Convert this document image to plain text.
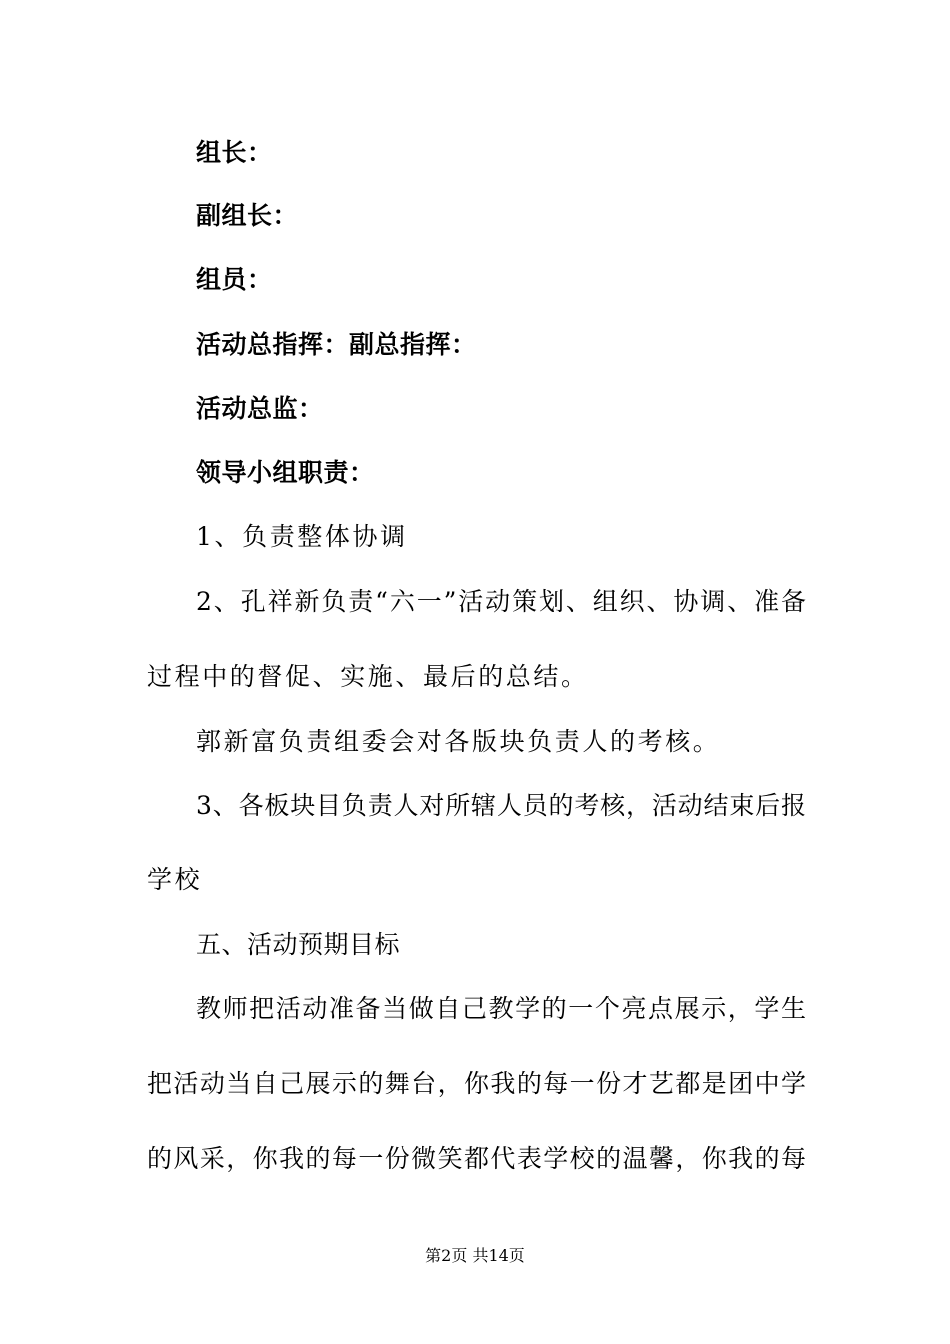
组长：
副组长：
组员：
活动总指挥：副总指挥：
活动总监：
领导小组职责：
1、负责整体协调
2、孔祥新负责“六一”活动策划、组织、协调、准备
过程中的督促、实施、最后的总结。
郭新富负责组委会对各版块负责人的考核。
3、各板块目负责人对所辖人员的考核，活动结束后报
学校
五、活动预期目标
教师把活动准备当做自己教学的一个亮点展示，学生
把活动当自己展示的舞台，你我的每一份才艺都是团中学
的风采，你我的每一份微笑都代表学校的温馨，你我的每
第2页 共14页
